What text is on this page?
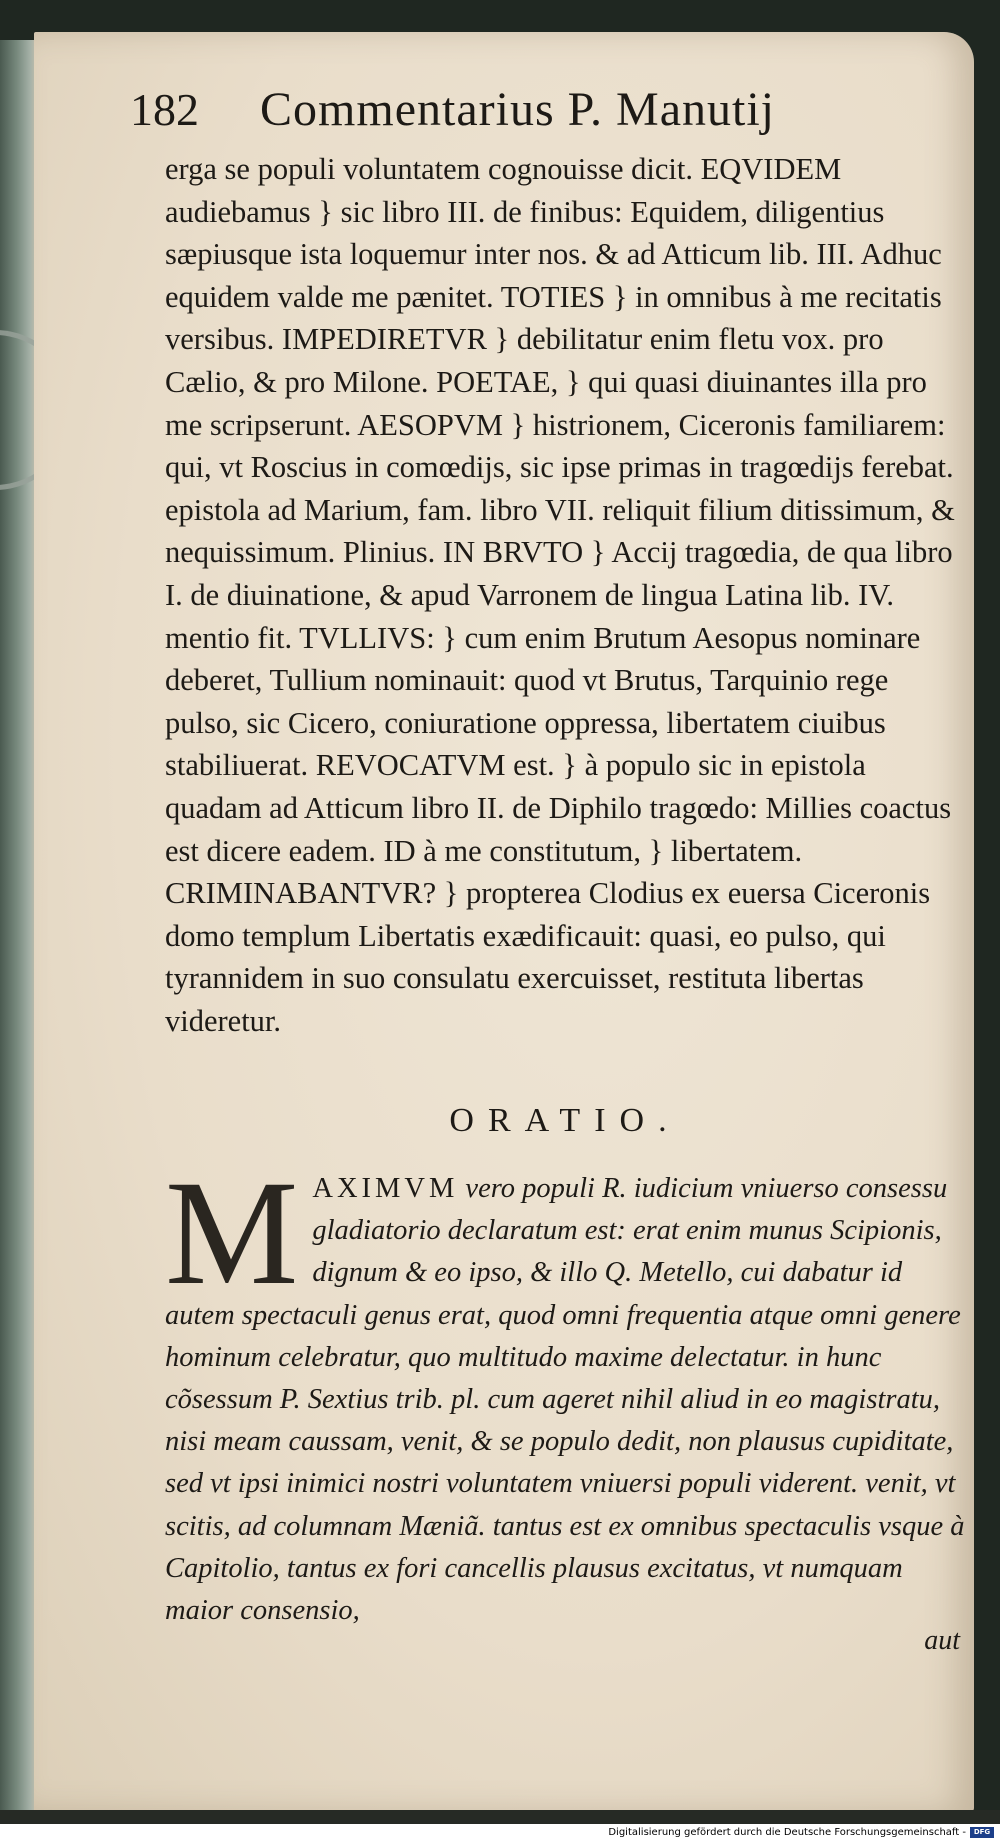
182	Commentarius P. Manutij

erga se populi voluntatem cognouisse dicit. EQVIDEM audiebamus } sic libro III. de finibus: Equidem, diligentius sæpiusque ista loquemur inter nos. & ad Atticum lib. III. Adhuc equidem valde me pænitet. TOTIES } in omnibus à me recitatis versibus. IMPEDIRETVR } debilitatur enim fletu vox. pro Cælio, & pro Milone. POETAE, } qui quasi diuinantes illa pro me scripserunt. AESOPVM } histrionem, Ciceronis familiarem: qui, vt Roscius in comœdijs, sic ipse primas in tragœdijs ferebat. epistola ad Marium, fam. libro VII. reliquit filium ditissimum, & nequissimum. Plinius. IN BRVTO } Accij tragœdia, de qua libro I. de diuinatione, & apud Varronem de lingua Latina lib. IV. mentio fit. TVLLIVS: } cum enim Brutum Aesopus nominare deberet, Tullium nominauit: quod vt Brutus, Tarquinio rege pulso, sic Cicero, coniuratione oppressa, libertatem ciuibus stabiliuerat. REVOCATVM est. } à populo sic in epistola quadam ad Atticum libro II. de Diphilo tragœdo: Millies coactus est dicere eadem. ID à me constitutum, } libertatem. CRIMINABANTVR? } propterea Clodius ex euersa Ciceronis domo templum Libertatis exædificauit: quasi, eo pulso, qui tyrannidem in suo consulatu exercuisset, restituta libertas videretur.

ORATIO.
M AXIMVM vero populi R. iudicium vniuerso consessu gladiatorio declaratum est: erat enim munus Scipionis, dignum & eo ipso, & illo Q. Metello, cui dabatur id autem spectaculi genus erat, quod omni frequentia atque omni genere hominum celebratur, quo multitudo maxime delectatur. in hunc cõsessum P. Sextius trib. pl. cum ageret nihil aliud in eo magistratu, nisi meam caussam, venit, & se populo dedit, non plausus cupiditate, sed vt ipsi inimici nostri voluntatem vniuersi populi viderent. venit, vt scitis, ad columnam Mæniã. tantus est ex omnibus spectaculis vsque à Capitolio, tantus ex fori cancellis plausus excitatus, vt numquam maior consensio,
aut
Digitalisierung gefördert durch die Deutsche Forschungsgemeinschaft -	DFG
